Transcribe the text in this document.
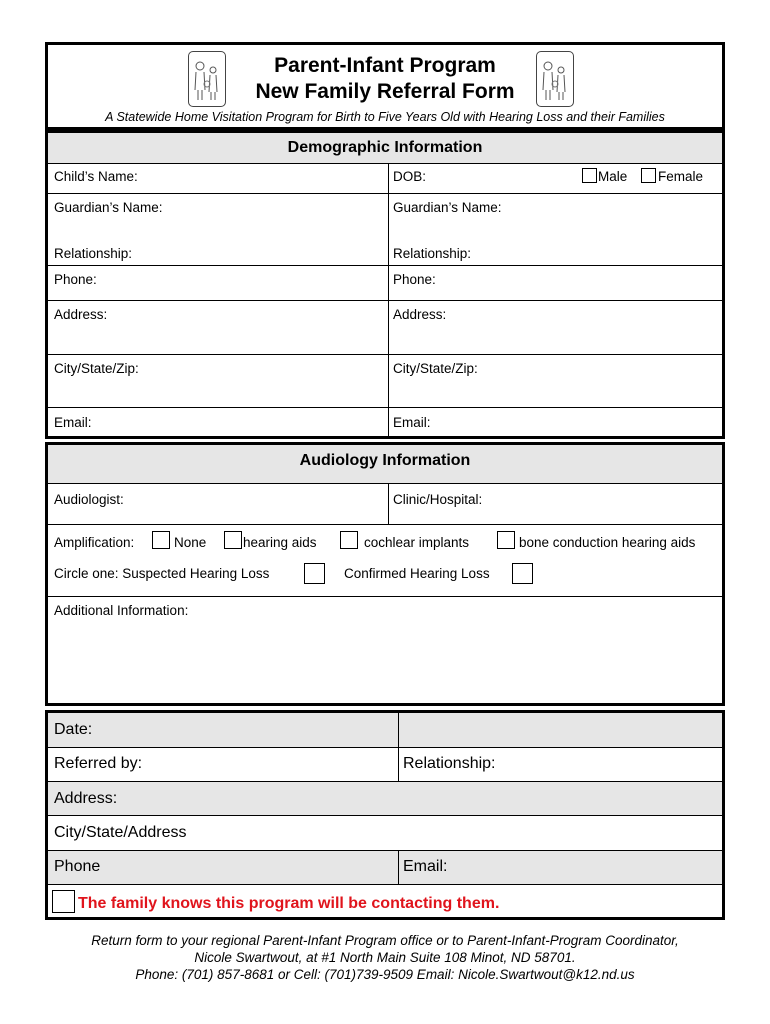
Parent-Infant Program
New Family Referral Form
A Statewide Home Visitation Program for Birth to Five Years Old with Hearing Loss and their Families
Demographic Information
Child’s Name:	DOB:	Male Female
Guardian’s Name:	Guardian’s Name:
Relationship:	Relationship:
Phone:	Phone:
Address:	Address:
City/State/Zip:	City/State/Zip:
Email:	Email:
Audiology Information
Audiologist:	Clinic/Hospital:
Amplification:	None	hearing aids	cochlear implants	bone conduction hearing aids
Circle one: Suspected Hearing Loss	Confirmed Hearing Loss
Additional Information:
Date:
Referred by:	Relationship:
Address:
City/State/Address
Phone	Email:
The family knows this program will be contacting them.
Return form to your regional Parent-Infant Program office or to Parent-Infant-Program Coordinator,
Nicole Swartwout, at #1 North Main Suite 108 Minot, ND 58701.
Phone: (701) 857-8681 or Cell: (701)739-9509 Email: Nicole.Swartwout@k12.nd.us
